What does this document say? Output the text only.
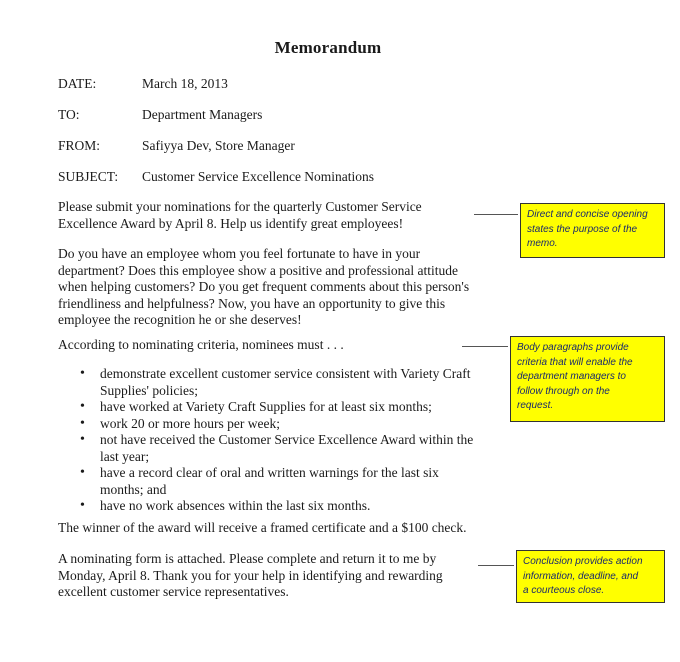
Memorandum
DATE:	March 18, 2013
TO:	Department Managers
FROM:	Safiyya Dev, Store Manager
SUBJECT: Customer Service Excellence Nominations
Please submit your nominations for the quarterly Customer Service
Excellence Award by April 8. Help us identify great employees!
Do you have an employee whom you feel fortunate to have in your
department? Does this employee show a positive and professional attitude
when helping customers? Do you get frequent comments about this person's
friendliness and helpfulness? Now, you have an opportunity to give this
employee the recognition he or she deserves!
According to nominating criteria, nominees must . . .
• demonstrate excellent customer service consistent with Variety Craft
Supplies' policies;
• have worked at Variety Craft Supplies for at least six months;
• work 20 or more hours per week;
• not have received the Customer Service Excellence Award within the
last year;
• have a record clear of oral and written warnings for the last six
months; and
• have no work absences within the last six months.
The winner of the award will receive a framed certificate and a $100 check.
A nominating form is attached. Please complete and return it to me by
Monday, April 8. Thank you for your help in identifying and rewarding
excellent customer service representatives.
Direct and concise opening
states the purpose of the
memo.
Body paragraphs provide
criteria that will enable the
department managers to
follow through on the
request.
Conclusion provides action
information, deadline, and
a courteous close.
